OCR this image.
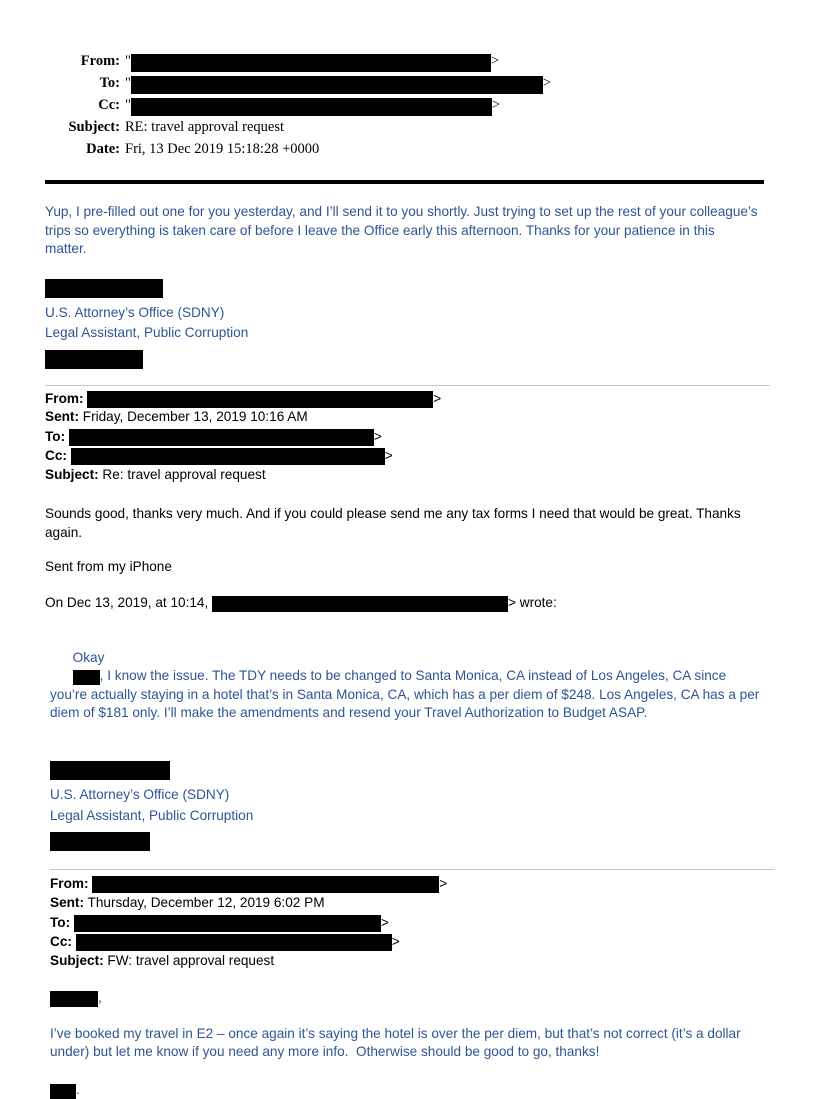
From: "	>
To: "	>
Cc: "	>
Subject: RE: travel approval request
Date: Fri, 13 Dec 2019 15:18:28 +0000
Yup, I pre-filled out one for you yesterday, and I’ll send it to you shortly. Just trying to set up the rest of your colleague’s trips so everything is taken care of before I leave the Office early this afternoon. Thanks for your patience in this matter.
U.S. Attorney’s Office (SDNY)
Legal Assistant, Public Corruption
From:	>
Sent: Friday, December 13, 2019 10:16 AM
To:	>
Cc:	>
Subject: Re: travel approval request
Sounds good, thanks very much. And if you could please send me any tax forms I need that would be great. Thanks again.
Sent from my iPhone
On Dec 13, 2019, at 10:14,	> wrote:

Okay
, I know the issue. The TDY needs to be changed to Santa Monica, CA instead of Los Angeles, CA since you’re actually staying in a hotel that’s in Santa Monica, CA, which has a per diem of $248. Los Angeles, CA has a per diem of $181 only. I’ll make the amendments and resend your Travel Authorization to Budget ASAP.

U.S. Attorney’s Office (SDNY)
Legal Assistant, Public Corruption
From:	>
Sent: Thursday, December 12, 2019 6:02 PM
To:	>
Cc:	>
Subject: FW: travel approval request
,
I’ve booked my travel in E2 – once again it’s saying the hotel is over the per diem, but that’s not correct (it’s a dollar under) but let me know if you need any more info.  Otherwise should be good to go, thanks!
.
